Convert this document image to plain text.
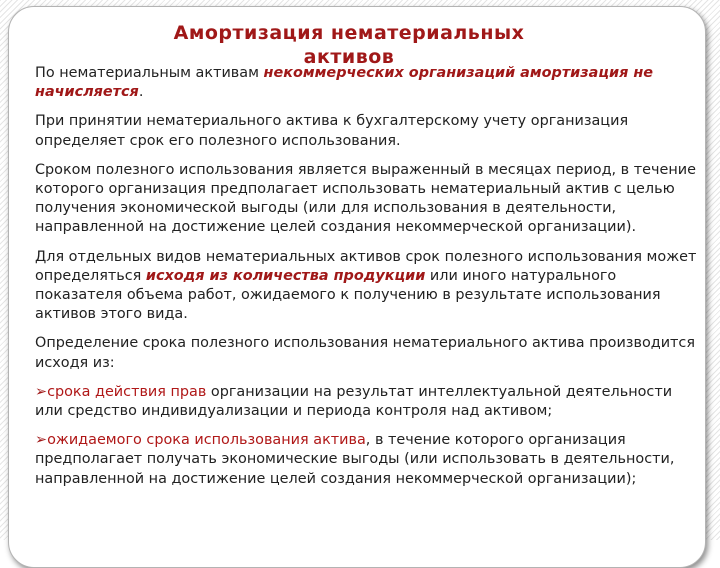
Амортизация нематериальных активов

По нематериальным активам некоммерческих организаций амортизация не начисляется.

При принятии нематериального актива к бухгалтерскому учету организация определяет срок его полезного использования.

Сроком полезного использования является выраженный в месяцах период, в течение которого организация предполагает использовать нематериальный актив с целью получения экономической выгоды (или для использования в деятельности, направленной на достижение целей создания некоммерческой организации).

Для отдельных видов нематериальных активов срок полезного использования может определяться исходя из количества продукции или иного натурального показателя объема работ, ожидаемого к получению в результате использования активов этого вида.

Определение срока полезного использования нематериального актива производится исходя из:

➢срока действия прав организации на результат интеллектуальной деятельности или средство индивидуализации и периода контроля над активом;

➢ожидаемого срока использования актива, в течение которого организация предполагает получать экономические выгоды (или использовать в деятельности, направленной на достижение целей создания некоммерческой организации);
